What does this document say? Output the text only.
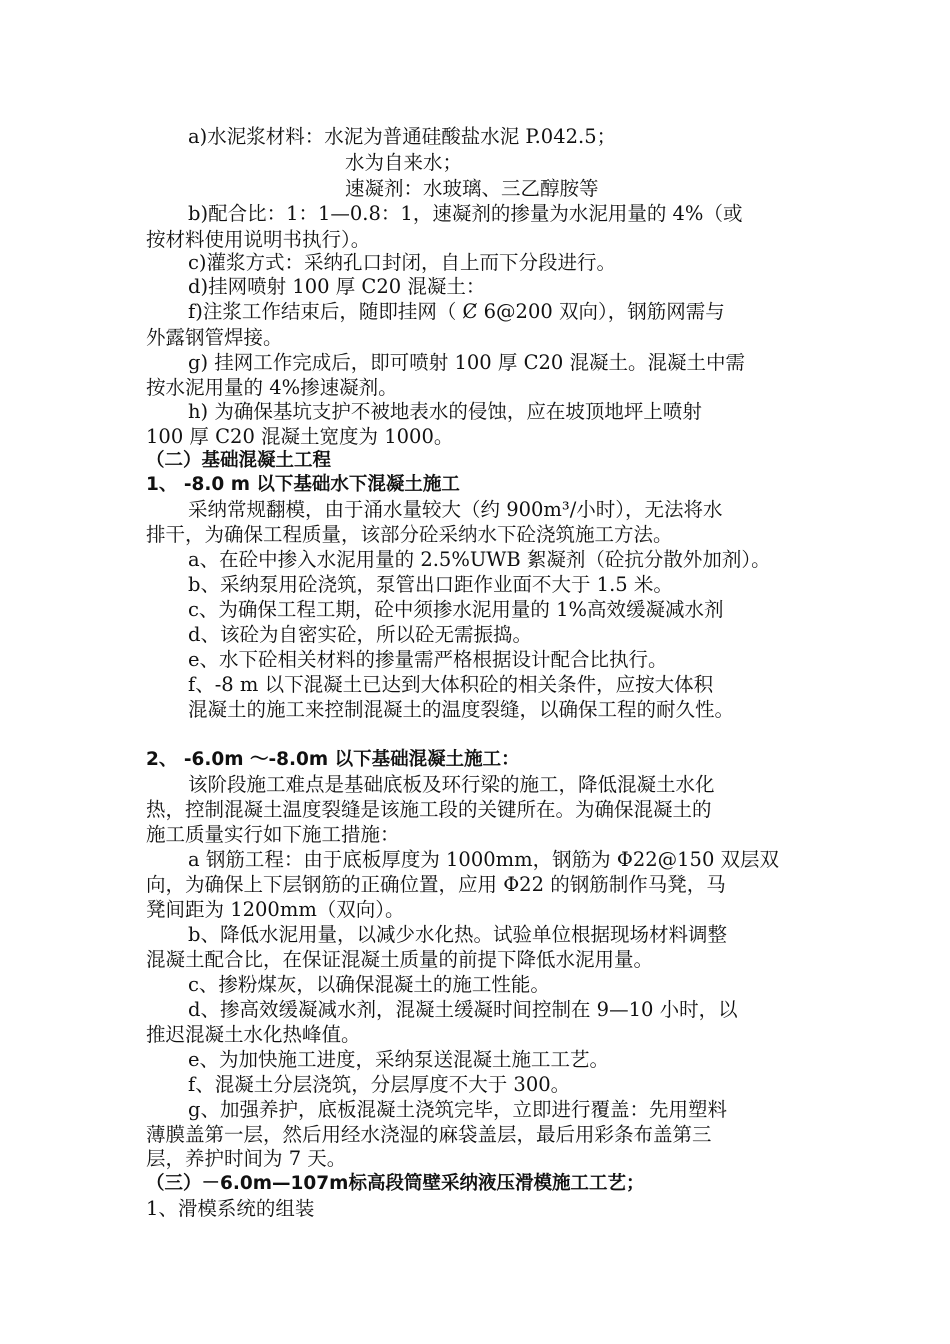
a)水泥浆材料：水泥为普通硅酸盐水泥 P.042.5；
水为自来水；
速凝剂：水玻璃、三乙醇胺等
b)配合比：1：1—0.8：1，速凝剂的掺量为水泥用量的 4%（或
按材料使用说明书执行）。
c)灌浆方式：采纳孔口封闭，自上而下分段进行。
d)挂网喷射 100 厚 C20 混凝土：
f)注浆工作结束后，随即挂网（ Ȼ 6@200 双向），钢筋网需与
外露钢管焊接。
g) 挂网工作完成后，即可喷射 100 厚 C20 混凝土。混凝土中需
按水泥用量的 4%掺速凝剂。
h) 为确保基坑支护不被地表水的侵蚀，应在坡顶地坪上喷射
100 厚 C20 混凝土宽度为 1000。
（二）基础混凝土工程
1、 -8.0 m 以下基础水下混凝土施工
采纳常规翻模，由于涌水量较大（约 900m³/小时），无法将水
排干，为确保工程质量，该部分砼采纳水下砼浇筑施工方法。
a、在砼中掺入水泥用量的 2.5%UWB 絮凝剂（砼抗分散外加剂）。
b、采纳泵用砼浇筑，泵管出口距作业面不大于 1.5 米。
c、为确保工程工期，砼中须掺水泥用量的 1%高效缓凝减水剂
d、该砼为自密实砼，所以砼无需振捣。
e、水下砼相关材料的掺量需严格根据设计配合比执行。
f、-8 m 以下混凝土已达到大体积砼的相关条件，应按大体积
混凝土的施工来控制混凝土的温度裂缝，以确保工程的耐久性。
2、 -6.0m ～-8.0m 以下基础混凝土施工：
该阶段施工难点是基础底板及环行梁的施工，降低混凝土水化
热，控制混凝土温度裂缝是该施工段的关键所在。为确保混凝土的
施工质量实行如下施工措施：
a 钢筋工程：由于底板厚度为 1000mm，钢筋为 Φ22@150 双层双
向，为确保上下层钢筋的正确位置，应用 Φ22 的钢筋制作马凳，马
凳间距为 1200mm（双向）。
b、降低水泥用量，以减少水化热。试验单位根据现场材料调整
混凝土配合比，在保证混凝土质量的前提下降低水泥用量。
c、掺粉煤灰，以确保混凝土的施工性能。
d、掺高效缓凝减水剂，混凝土缓凝时间控制在 9—10 小时，以
推迟混凝土水化热峰值。
e、为加快施工进度，采纳泵送混凝土施工工艺。
f、混凝土分层浇筑，分层厚度不大于 300。
g、加强养护，底板混凝土浇筑完毕，立即进行覆盖：先用塑料
薄膜盖第一层，然后用经水浇湿的麻袋盖层，最后用彩条布盖第三
层，养护时间为 7 天。
（三）－6.0m—107m标高段筒壁采纳液压滑模施工工艺；
1、滑模系统的组装
